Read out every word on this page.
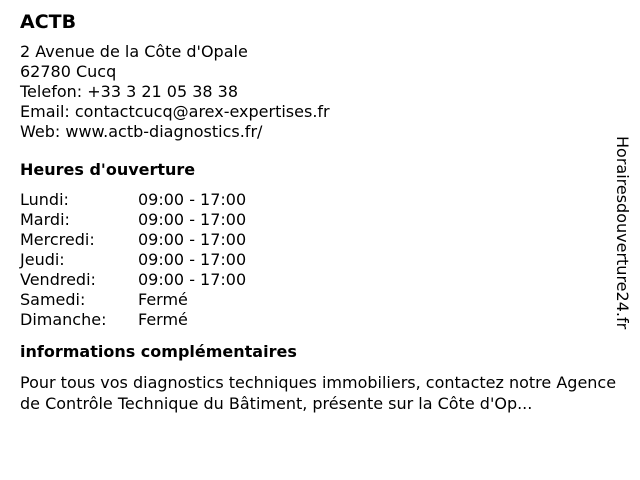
ACTB
2 Avenue de la Côte d'Opale
62780 Cucq
Telefon: +33 3 21 05 38 38
Email: contactcucq@arex-expertises.fr
Web: www.actb-diagnostics.fr/
Heures d'ouverture
Lundi:	09:00 - 17:00
Mardi:	09:00 - 17:00
Mercredi:	09:00 - 17:00
Jeudi:	09:00 - 17:00
Vendredi:	09:00 - 17:00
Samedi:	Fermé
Dimanche: Fermé
informations complémentaires
Pour tous vos diagnostics techniques immobiliers, contactez notre Agence de Contrôle Technique du Bâtiment, présente sur la Côte d'Op...
Horairesdouverture24.fr
